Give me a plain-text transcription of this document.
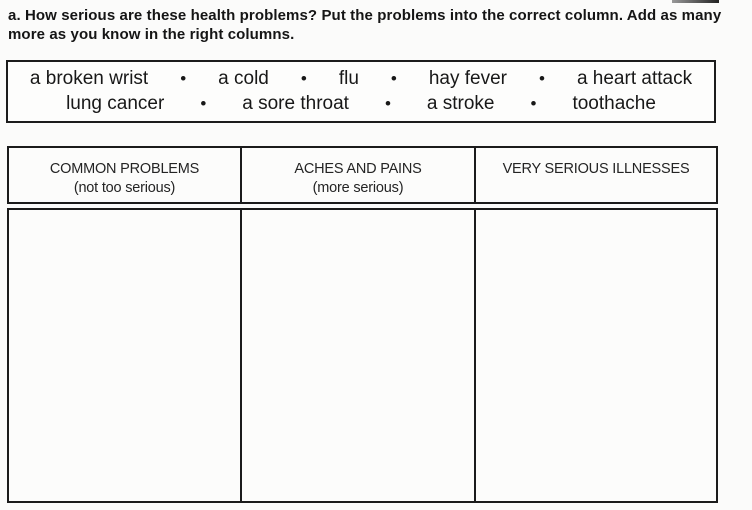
a. How serious are these health problems? Put the problems into the correct column. Add as many
more as you know in the right columns.
a broken wrist • a cold • flu • hay fever • a heart attack
lung cancer • a sore throat • a stroke • toothache
COMMON PROBLEMS
(not too serious)
ACHES AND PAINS
(more serious)
VERY SERIOUS ILLNESSES
